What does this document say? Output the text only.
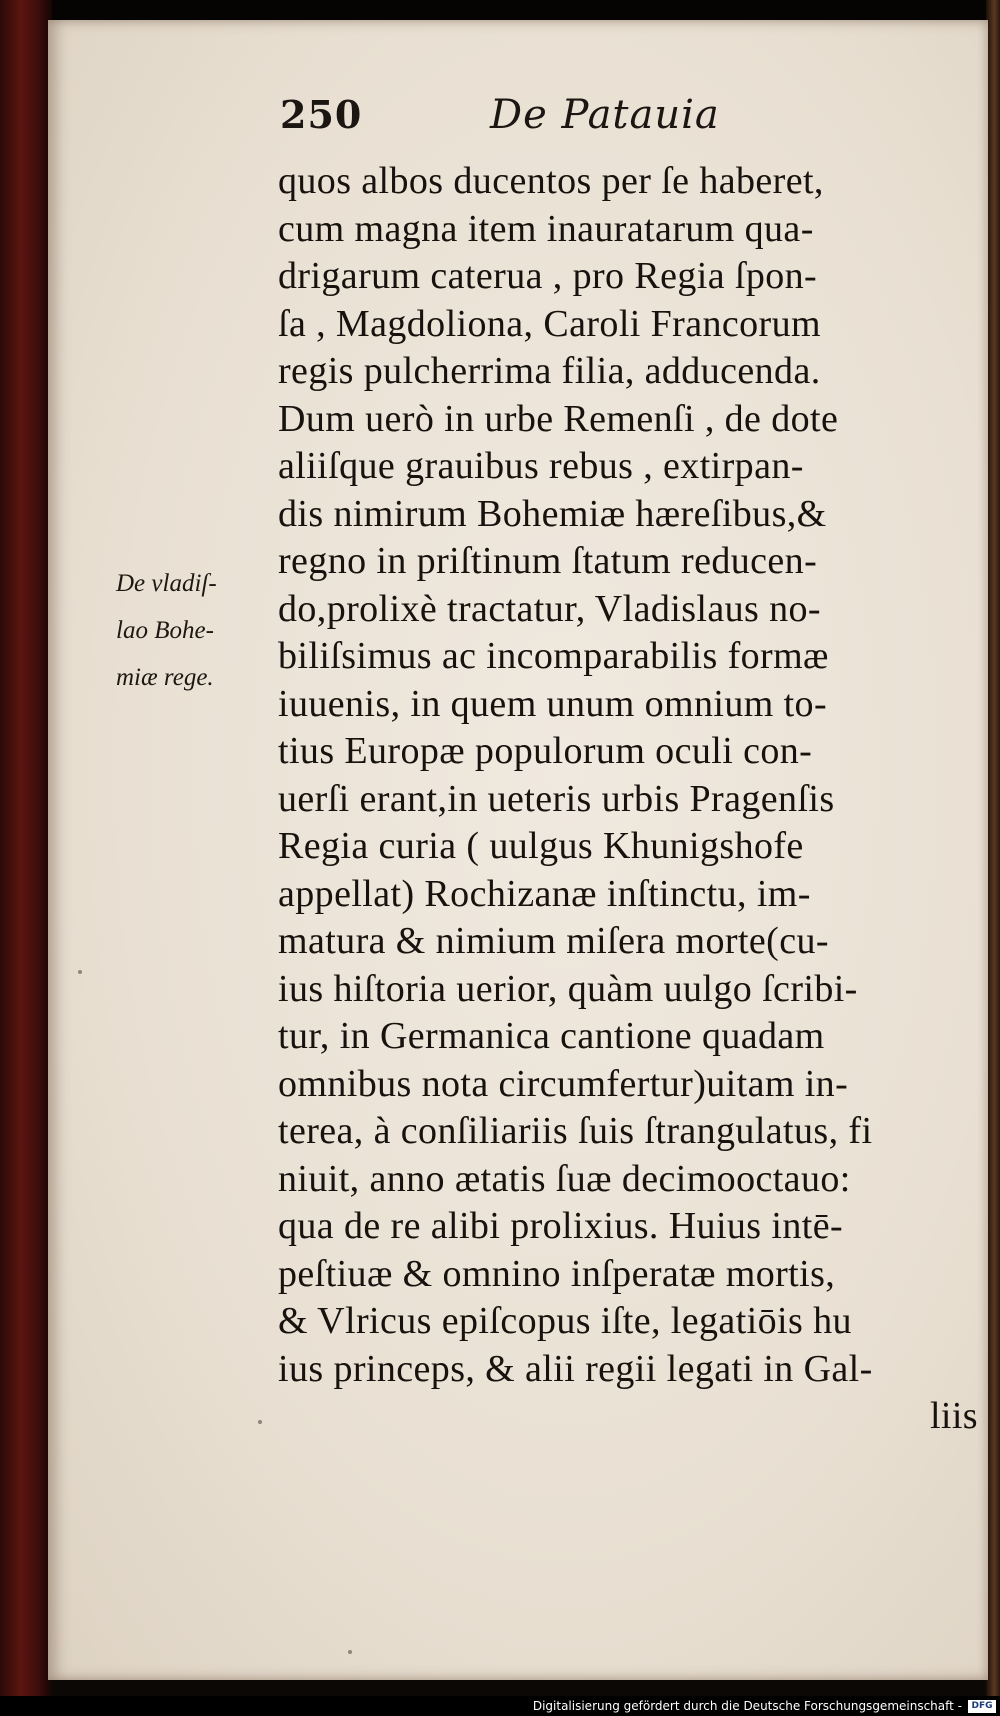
250	De Patauia
De vladiſ-
lao Bohe-
miæ rege.
quos albos ducentos per ſe haberet,
cum magna item inauratarum qua-
drigarum caterua , pro Regia ſpon-
ſa , Magdoliona, Caroli Francorum
regis pulcherrima filia, adducenda.
Dum uerò in urbe Remenſi , de dote
aliiſque grauibus rebus , extirpan-
dis nimirum Bohemiæ hæreſibus,&
regno in priſtinum ſtatum reducen-
do,prolixè tractatur, Vladislaus no-
biliſsimus ac incomparabilis formæ
iuuenis, in quem unum omnium to-
tius Europæ populorum oculi con-
uerſi erant,in ueteris urbis Pragenſis
Regia curia ( uulgus Khunigshofe
appellat) Rochizanæ inſtinctu, im-
matura & nimium miſera morte(cu-
ius hiſtoria uerior, quàm uulgo ſcribi-
tur, in Germanica cantione quadam
omnibus nota circumfertur)uitam in-
terea, à conſiliariis ſuis ſtrangulatus, fi
niuit, anno ætatis ſuæ decimooctauo:
qua de re alibi prolixius. Huius intē-
peſtiuæ & omnino inſperatæ mortis,
& Vlricus epiſcopus iſte, legatiōis hu
ius princeps, & alii regii legati in Gal-
liis
Digitalisierung gefördert durch die Deutsche Forschungsgemeinschaft -	DFG
